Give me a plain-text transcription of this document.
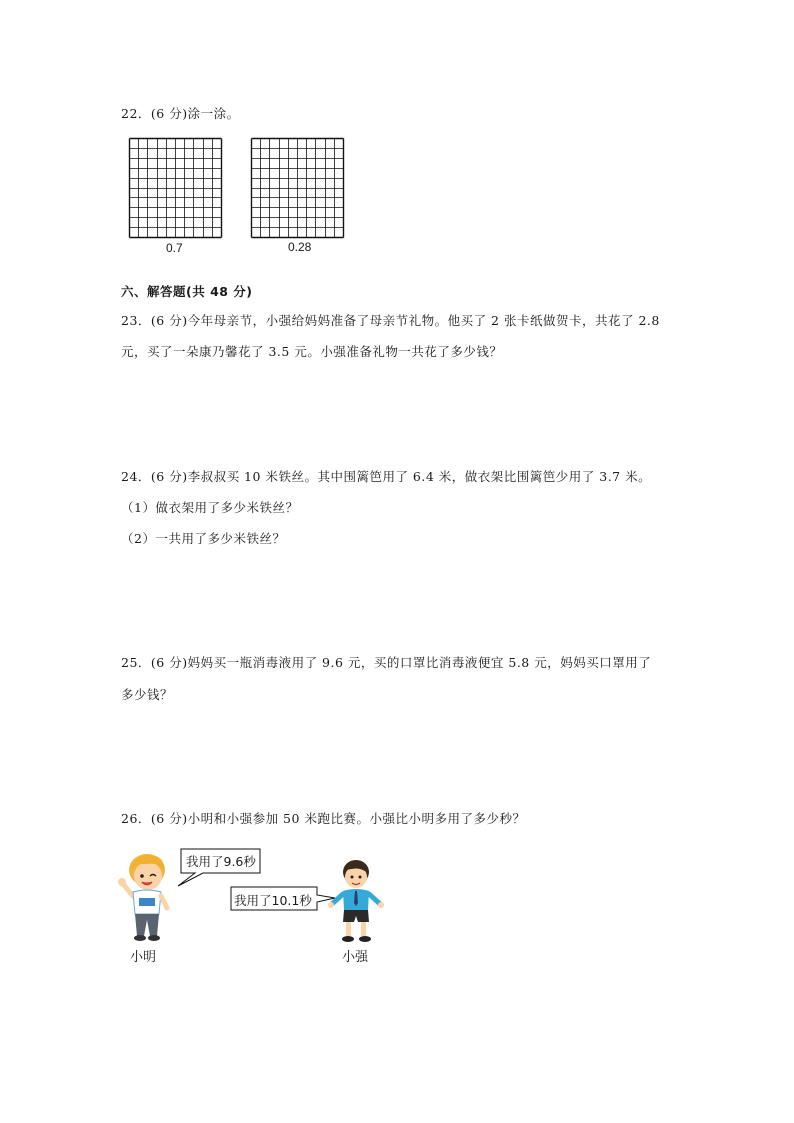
22．(6 分)涂一涂。
0.7	0.28
六、解答题(共 48 分)
23．(6 分)今年母亲节，小强给妈妈准备了母亲节礼物。他买了 2 张卡纸做贺卡，共花了 2.8
元，买了一朵康乃馨花了 3.5 元。小强准备礼物一共花了多少钱？
24．(6 分)李叔叔买 10 米铁丝。其中围篱笆用了 6.4 米，做衣架比围篱笆少用了 3.7 米。
（1）做衣架用了多少米铁丝？
（2）一共用了多少米铁丝？
25．(6 分)妈妈买一瓶消毒液用了 9.6 元，买的口罩比消毒液便宜 5.8 元，妈妈买口罩用了
多少钱？
26．(6 分)小明和小强参加 50 米跑比赛。小强比小明多用了多少秒？
我用了9.6秒
我用了10.1秒
小明	小强
